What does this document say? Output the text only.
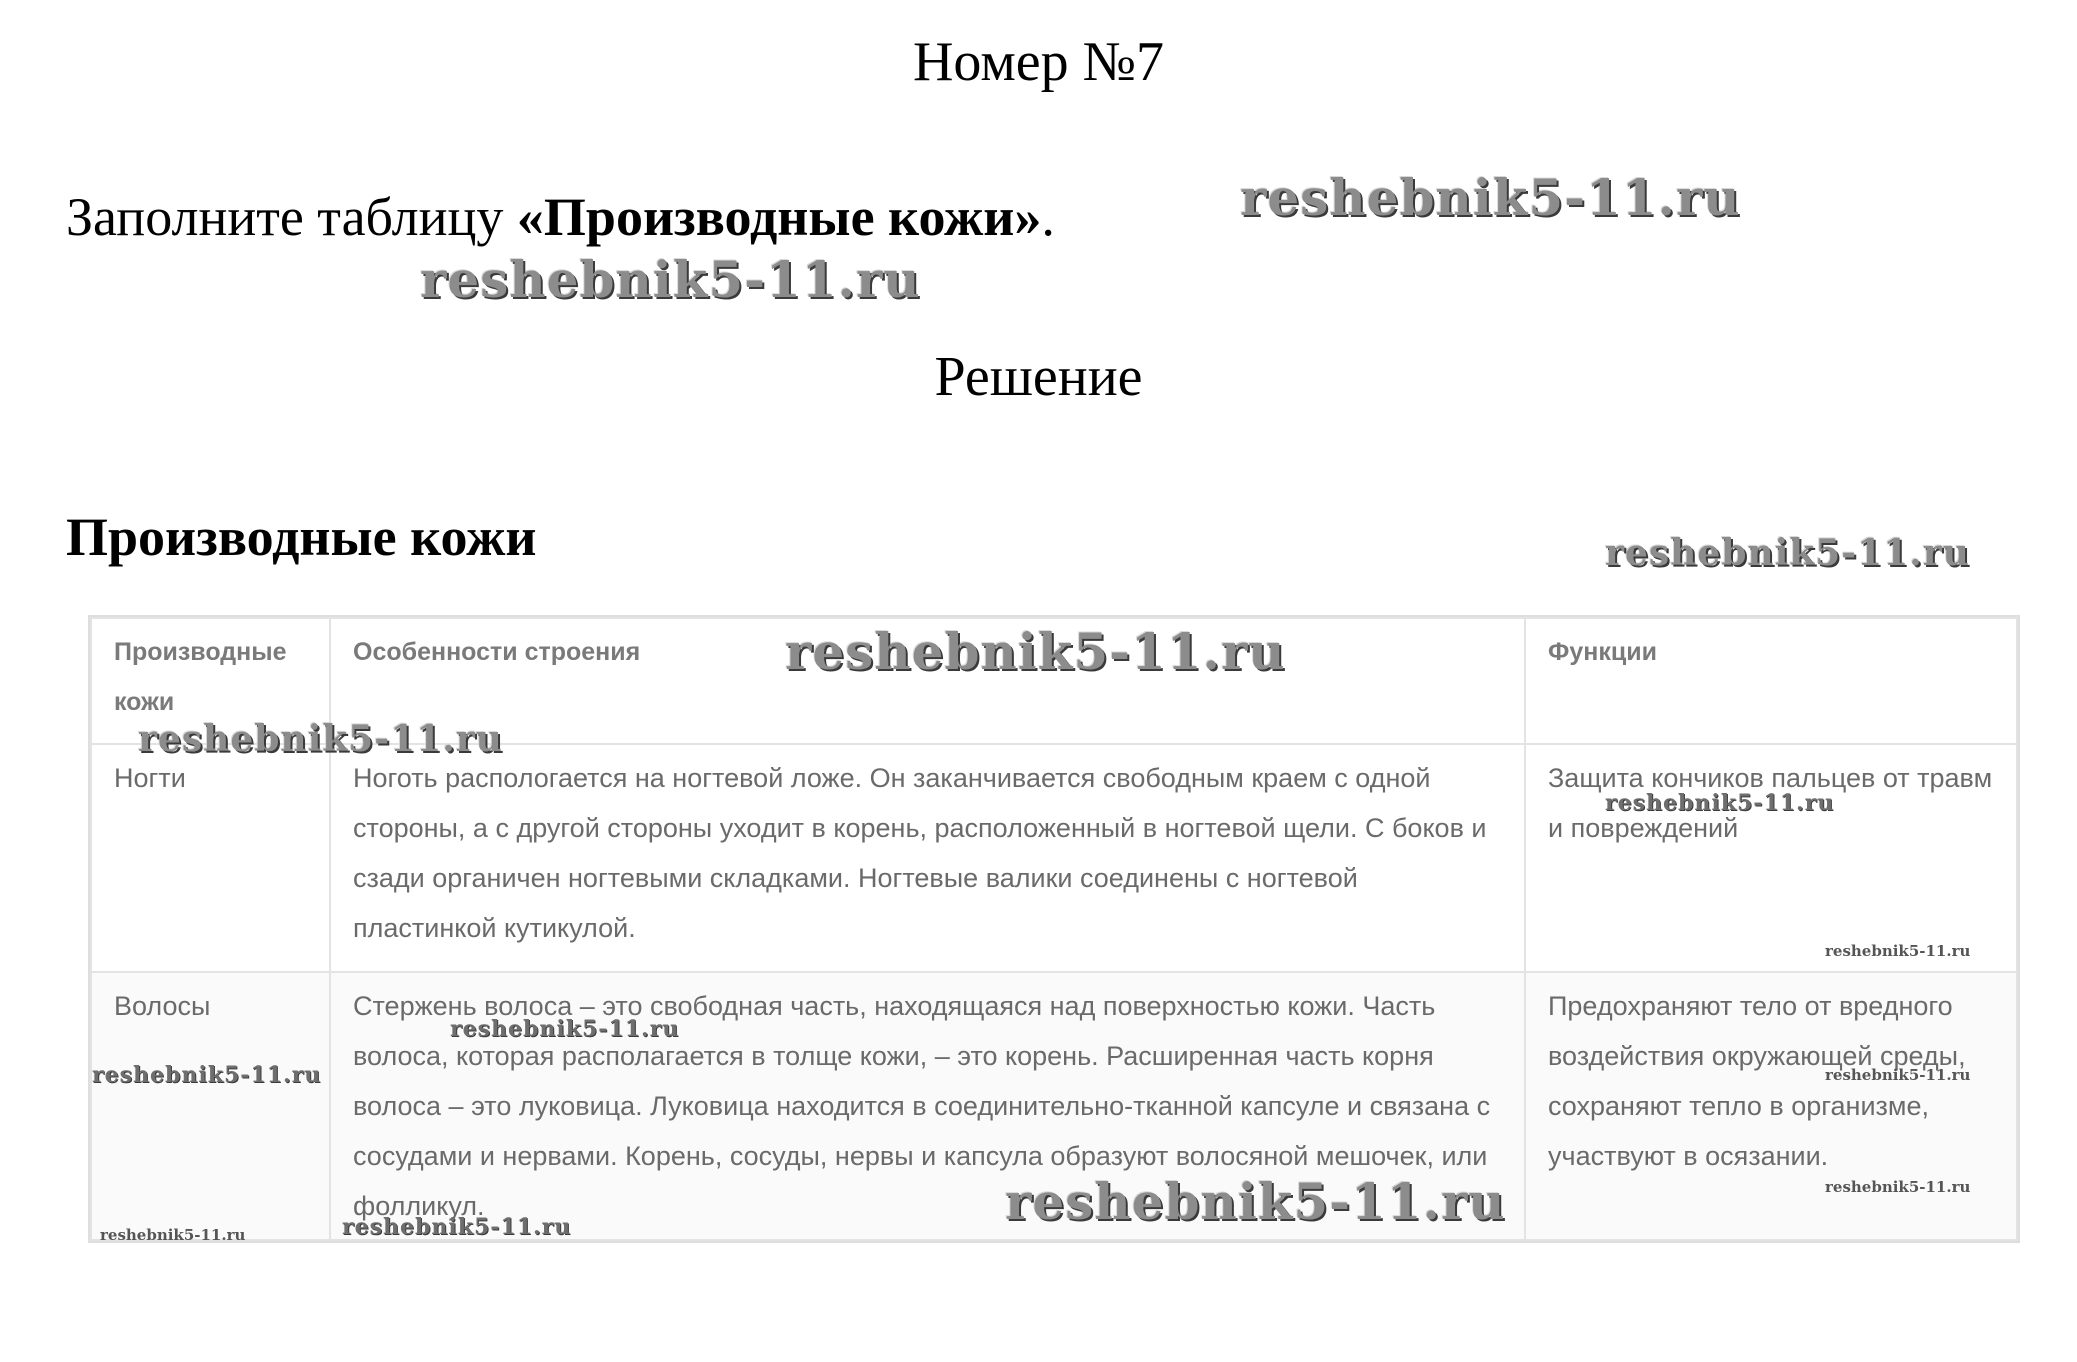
Номер №7
Заполните таблицу «Производные кожи».
Решение
Производные кожи
Производные кожи	Особенности строения	Функции
Ногти	Ноготь распологается на ногтевой ложе. Он заканчивается свободным краем с одной стороны, а с другой стороны уходит в корень, расположенный в ногтевой щели. С боков и сзади органичен ногтевыми складками. Ногтевые валики соединены с ногтевой пластинкой кутикулой.	Защита кончиков пальцев от травм и повреждений
Волосы	Стержень волоса – это свободная часть, находящаяся над поверхностью кожи. Часть волоса, которая располагается в толще кожи, – это корень. Расширенная часть корня волоса – это луковица. Луковица находится в соединительно-тканной капсуле и связана с сосудами и нервами. Корень, сосуды, нервы и капсула образуют волосяной мешочек, или фолликул.	Предохраняют тело от вредного воздействия окружающей среды, сохраняют тепло в организме, участвуют в осязании.
reshebnik5-11.ru
reshebnik5-11.ru
reshebnik5-11.ru
reshebnik5-11.ru
reshebnik5-11.ru
reshebnik5-11.ru
reshebnik5-11.ru
reshebnik5-11.ru
reshebnik5-11.ru	reshebnik5-11.ru
reshebnik5-11.ru
reshebnik5-11.ru
reshebnik5-11.ru
reshebnik5-11.ru
